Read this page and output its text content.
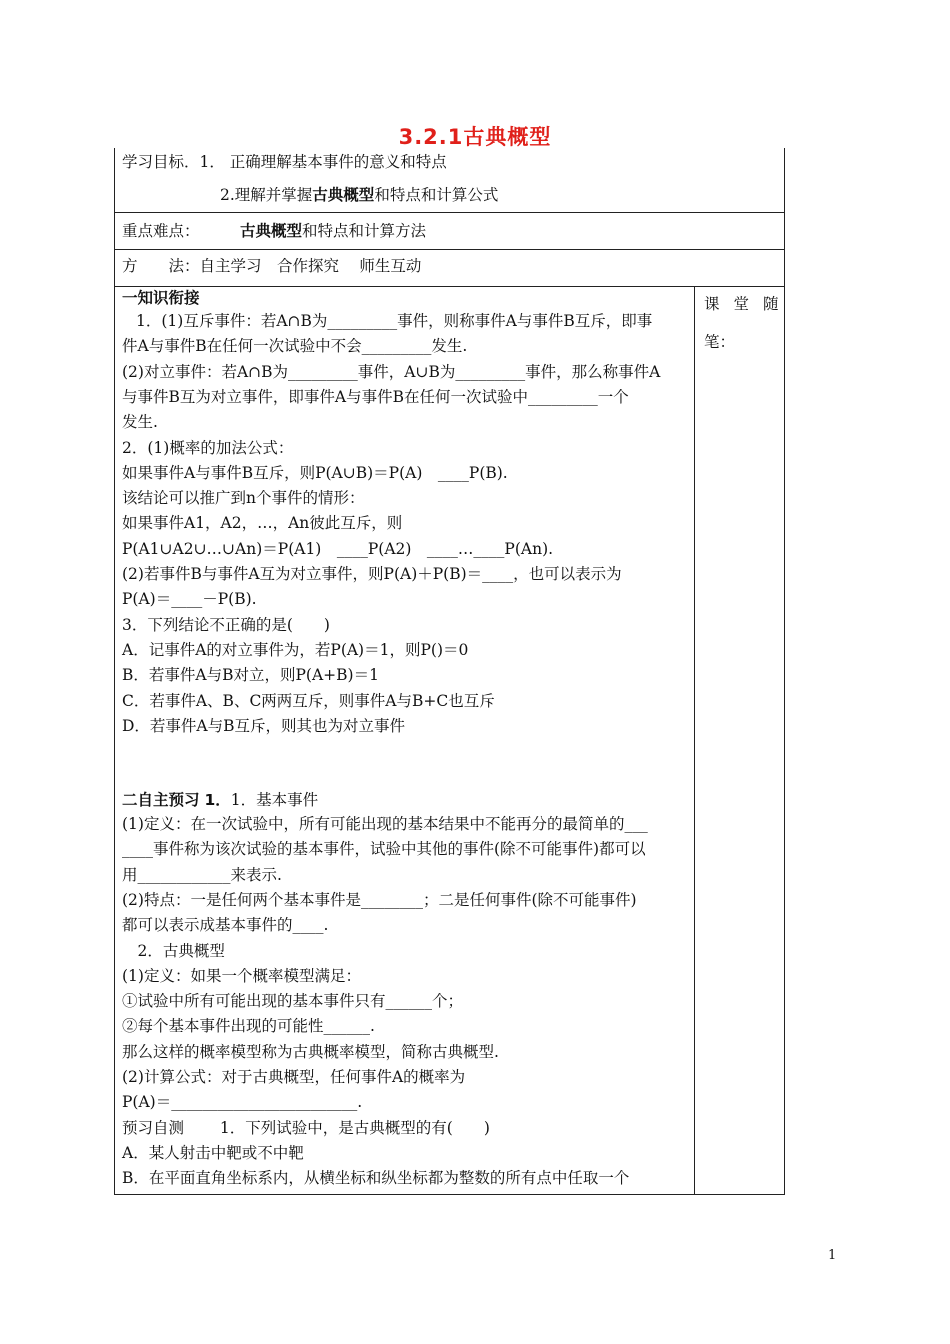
3.2.1古典概型
学习目标．1． 正确理解基本事件的意义和特点
2.理解并掌握古典概型和特点和计算公式
重点难点：	古典概型和特点和计算方法
方　　法：自主学习　合作探究　 师生互动
课堂随
笔：
一知识衔接
1．(1)互斥事件：若A∩B为_________事件，则称事件A与事件B互斥，即事
件A与事件B在任何一次试验中不会_________发生.
(2)对立事件：若A∩B为_________事件，A∪B为_________事件，那么称事件A
与事件B互为对立事件，即事件A与事件B在任何一次试验中_________一个
发生.
2．(1)概率的加法公式：
如果事件A与事件B互斥，则P(A∪B)＝P(A)　____P(B).
该结论可以推广到n个事件的情形：
如果事件A1，A2，…，An彼此互斥，则
P(A1∪A2∪…∪An)＝P(A1)　____P(A2)　____…____P(An).
(2)若事件B与事件A互为对立事件，则P(A)＋P(B)＝____，也可以表示为
P(A)＝____－P(B).
3．下列结论不正确的是(　　)
A．记事件A的对立事件为，若P(A)＝1，则P()＝0
B．若事件A与B对立，则P(A+B)＝1
C．若事件A、B、C两两互斥，则事件A与B+C也互斥
D．若事件A与B互斥，则其也为对立事件
二自主预习 1．1．基本事件
(1)定义：在一次试验中，所有可能出现的基本结果中不能再分的最简单的___
____事件称为该次试验的基本事件，试验中其他的事件(除不可能事件)都可以
用____________来表示.
(2)特点：一是任何两个基本事件是________；二是任何事件(除不可能事件)
都可以表示成基本事件的____.
　2．古典概型
(1)定义：如果一个概率模型满足：
①试验中所有可能出现的基本事件只有______个；
②每个基本事件出现的可能性______.
那么这样的概率模型称为古典概率模型，简称古典概型.
(2)计算公式：对于古典概型，任何事件A的概率为
P(A)＝________________________.
预习自测　　 1．下列试验中，是古典概型的有(　　)
A．某人射击中靶或不中靶
B．在平面直角坐标系内，从横坐标和纵坐标都为整数的所有点中任取一个
1
